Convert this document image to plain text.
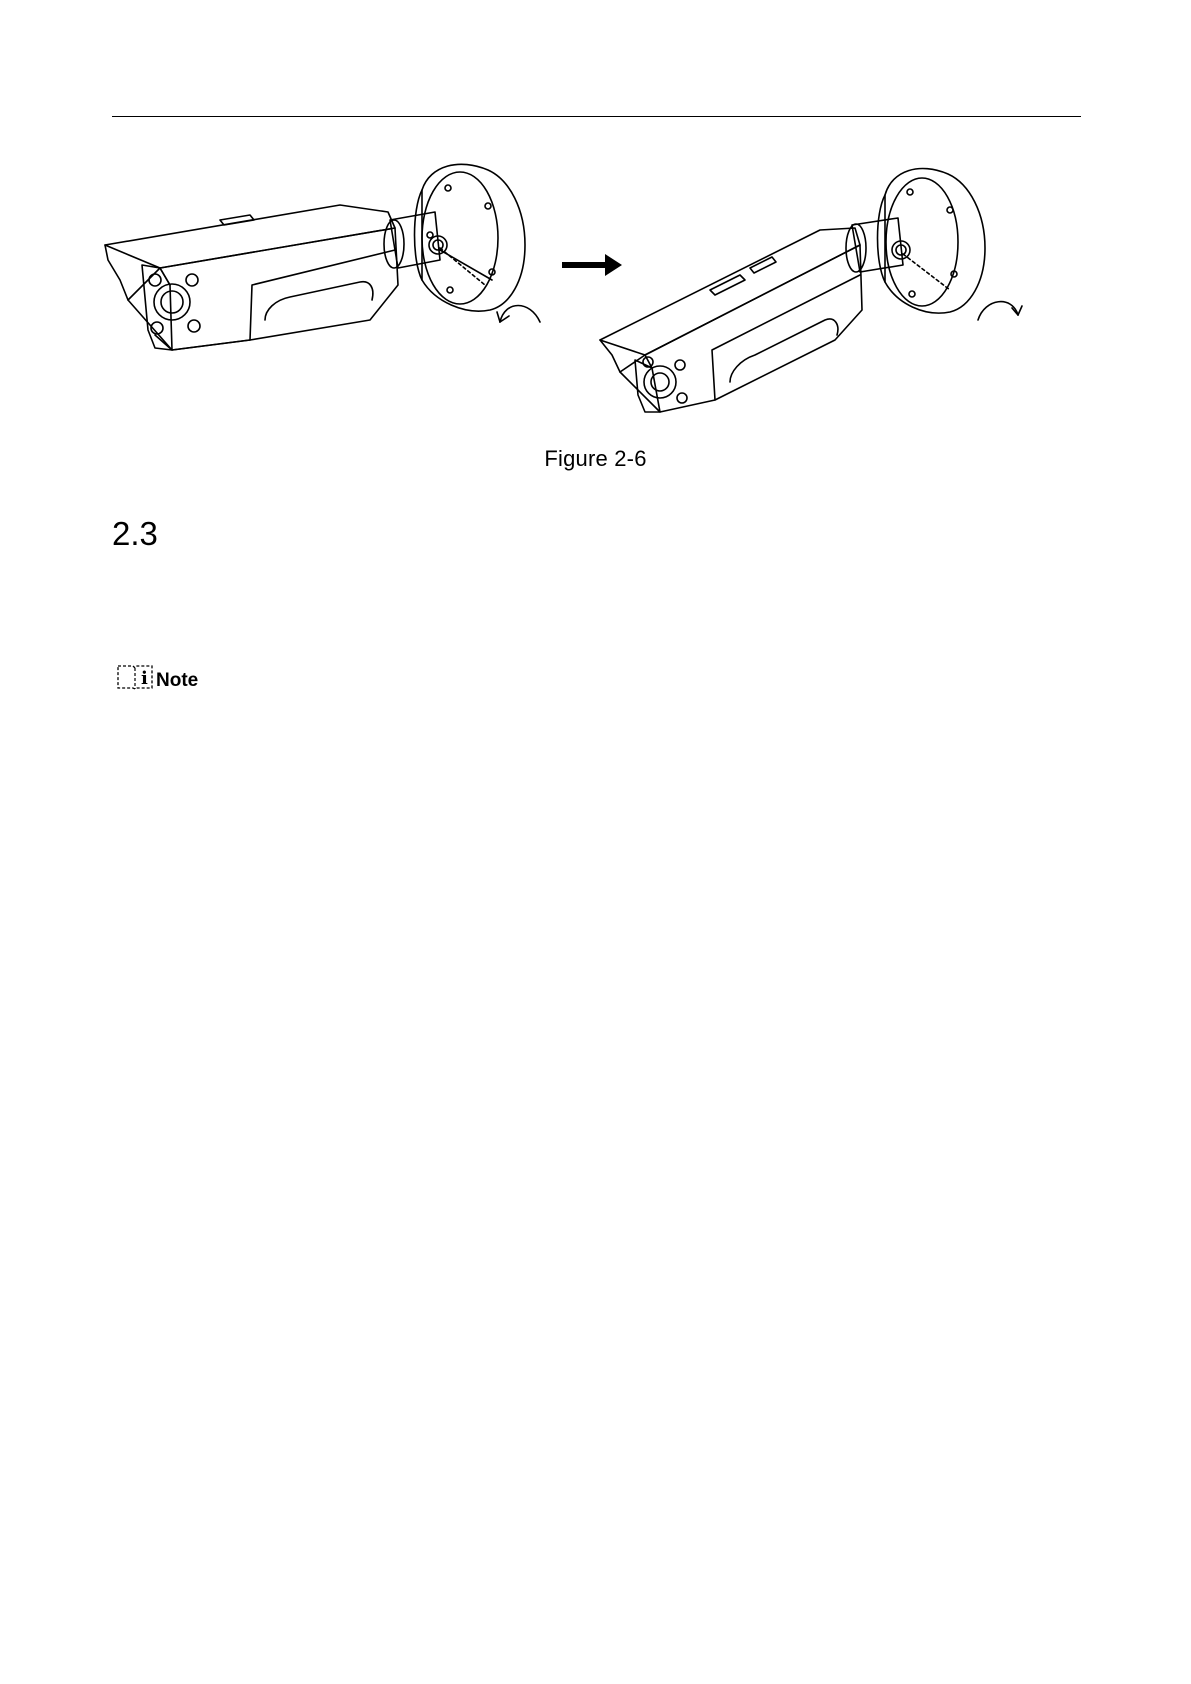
Figure 2-6
2.3
i Note
